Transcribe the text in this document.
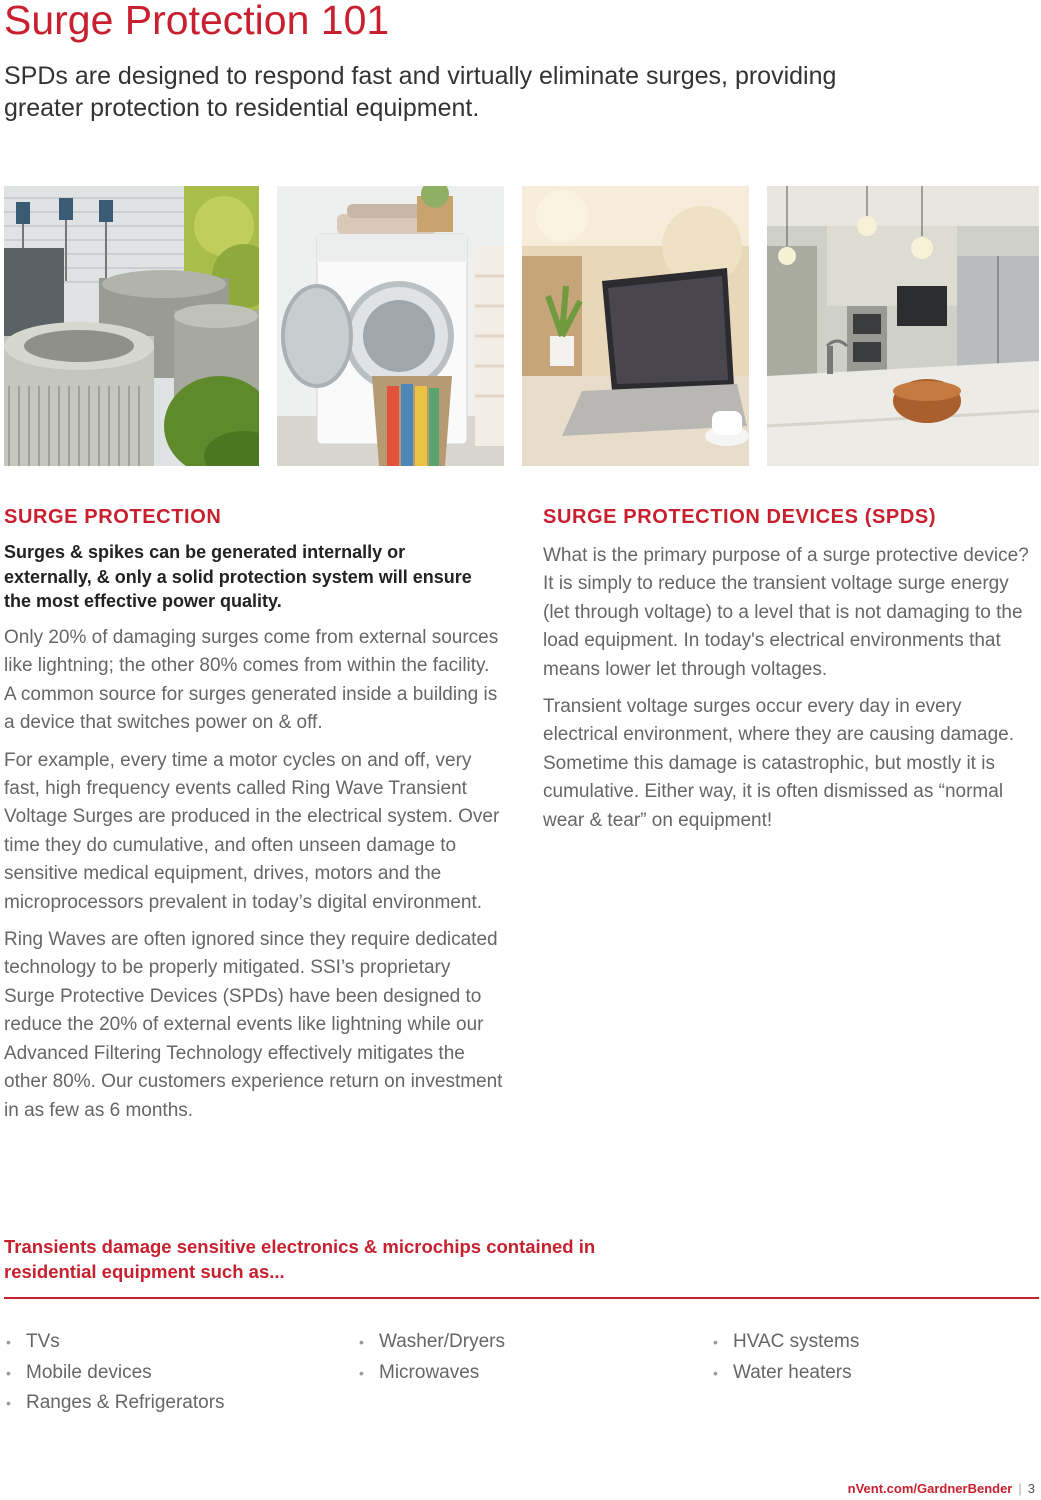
Surge Protection 101

SPDs are designed to respond fast and virtually eliminate surges, providing greater protection to residential equipment.

SURGE PROTECTION

Surges & spikes can be generated internally or externally, & only a solid protection system will ensure the most effective power quality.

Only 20% of damaging surges come from external sources like lightning; the other 80% comes from within the facility. A common source for surges generated inside a building is a device that switches power on & off.

For example, every time a motor cycles on and off, very fast, high frequency events called Ring Wave Transient Voltage Surges are produced in the electrical system. Over time they do cumulative, and often unseen damage to sensitive medical equipment, drives, motors and the microprocessors prevalent in today’s digital environment.

Ring Waves are often ignored since they require dedicated technology to be properly mitigated. SSI’s proprietary Surge Protective Devices (SPDs) have been designed to reduce the 20% of external events like lightning while our Advanced Filtering Technology effectively mitigates the other 80%. Our customers experience return on investment in as few as 6 months.

SURGE PROTECTION DEVICES (SPDS)

What is the primary purpose of a surge protective device? It is simply to reduce the transient voltage surge energy (let through voltage) to a level that is not damaging to the load equipment. In today's electrical environments that means lower let through voltages.

Transient voltage surges occur every day in every electrical environment, where they are causing damage. Sometime this damage is catastrophic, but mostly it is cumulative. Either way, it is often dismissed as “normal wear & tear” on equipment!

Transients damage sensitive electronics & microchips contained in residential equipment such as...

• TVs
• Mobile devices
• Ranges & Refrigerators
• Washer/Dryers
• Microwaves
• HVAC systems
• Water heaters
nVent.com/GardnerBender | 3
